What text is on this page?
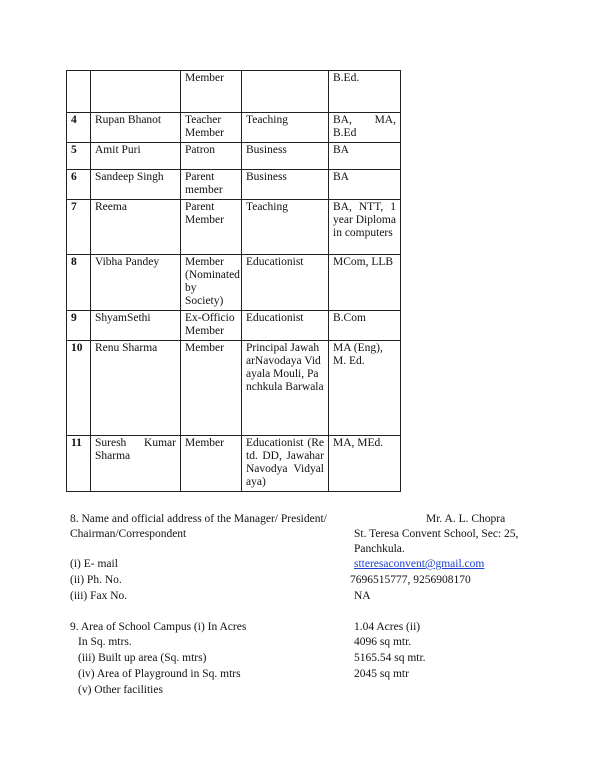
		Member		B.Ed.
4	Rupan Bhanot	Teacher Member	Teaching	BA, MA, B.Ed
5	Amit Puri	Patron	Business	BA
6	Sandeep Singh	Parent member	Business	BA
7	Reema	Parent Member	Teaching	BA, NTT, 1 year Diploma in computers
8	Vibha Pandey	Member (Nominated by Society)	Educationist	MCom, LLB
9	ShyamSethi	Ex-Officio Member	Educationist	B.Com
10	Renu Sharma	Member	Principal JawaharNavodaya Vidayala Mouli, Panchkula Barwala	MA (Eng), M. Ed.
11	Suresh Kumar Sharma	Member	Educationist (Retd. DD, JawaharNavodya Vidyalaya)	MA, MEd.
8. Name and official address of the Manager/ President/
Chairman/Correspondent
Mr. A. L. Chopra
St. Teresa Convent School, Sec: 25,
Panchkula.
(i) E- mail	stteresaconvent@gmail.com
(ii) Ph. No.	7696515777, 9256908170
(iii) Fax No.	NA
9. Area of School Campus (i) In Acres	1.04 Acres (ii)
In Sq. mtrs.	4096 sq mtr.
(iii) Built up area (Sq. mtrs)	5165.54 sq mtr.
(iv) Area of Playground in Sq. mtrs	2045 sq mtr
(v) Other facilities
